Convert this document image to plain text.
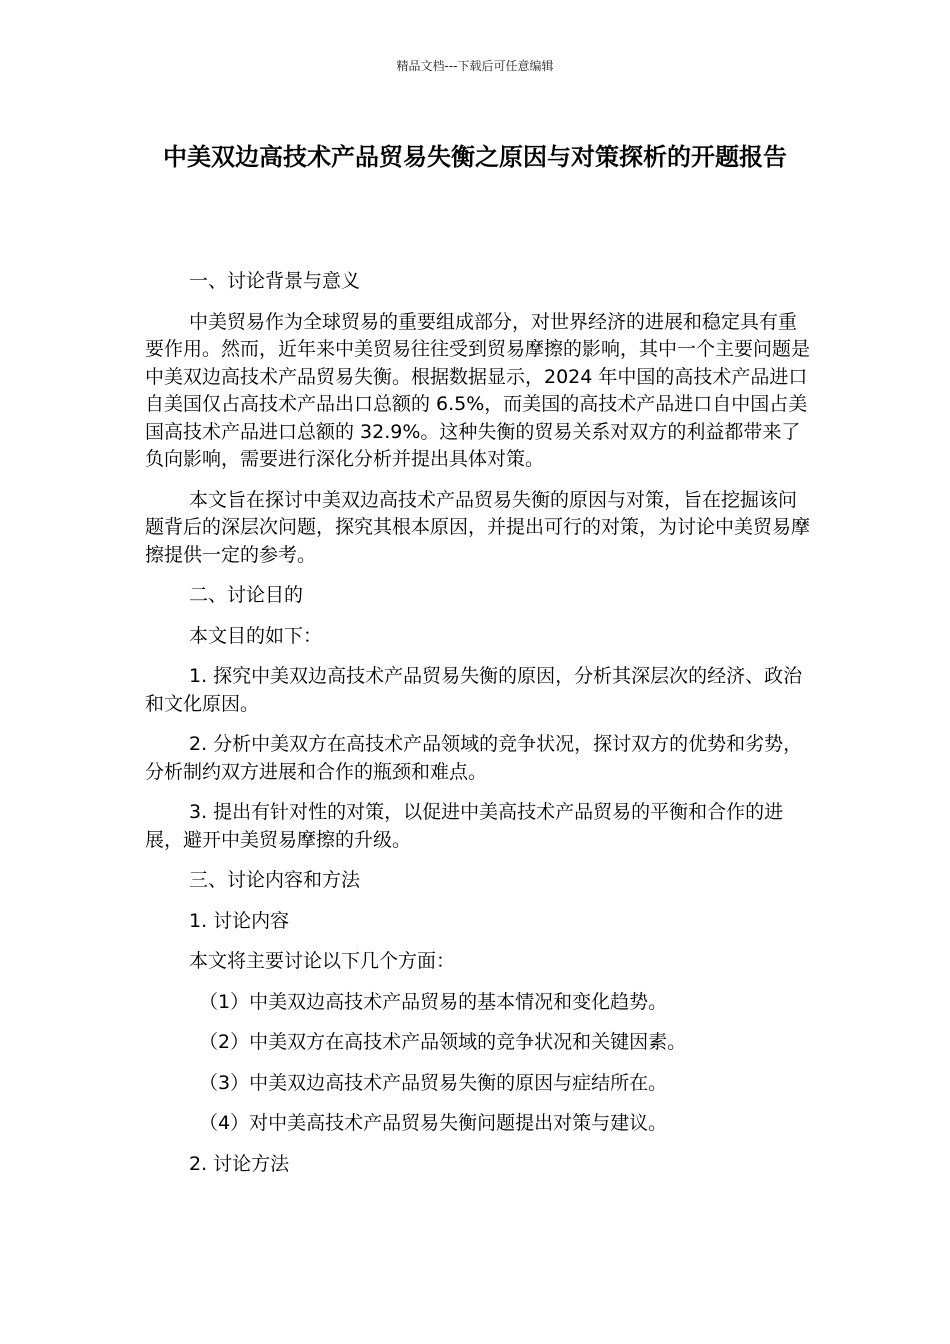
精品文档---下载后可任意编辑
中美双边高技术产品贸易失衡之原因与对策探析的开题报告

一、讨论背景与意义

中美贸易作为全球贸易的重要组成部分，对世界经济的进展和稳定具有重要作用。然而，近年来中美贸易往往受到贸易摩擦的影响，其中一个主要问题是中美双边高技术产品贸易失衡。根据数据显示，2024 年中国的高技术产品进口自美国仅占高技术产品出口总额的 6.5%，而美国的高技术产品进口自中国占美国高技术产品进口总额的 32.9%。这种失衡的贸易关系对双方的利益都带来了负向影响，需要进行深化分析并提出具体对策。

本文旨在探讨中美双边高技术产品贸易失衡的原因与对策，旨在挖掘该问题背后的深层次问题，探究其根本原因，并提出可行的对策，为讨论中美贸易摩擦提供一定的参考。

二、讨论目的

本文目的如下：

1. 探究中美双边高技术产品贸易失衡的原因，分析其深层次的经济、政治和文化原因。

2. 分析中美双方在高技术产品领域的竞争状况，探讨双方的优势和劣势，分析制约双方进展和合作的瓶颈和难点。

3. 提出有针对性的对策，以促进中美高技术产品贸易的平衡和合作的进展，避开中美贸易摩擦的升级。

三、讨论内容和方法

1. 讨论内容

本文将主要讨论以下几个方面：

（1）中美双边高技术产品贸易的基本情况和变化趋势。

（2）中美双方在高技术产品领域的竞争状况和关键因素。

（3）中美双边高技术产品贸易失衡的原因与症结所在。

（4）对中美高技术产品贸易失衡问题提出对策与建议。

2. 讨论方法
